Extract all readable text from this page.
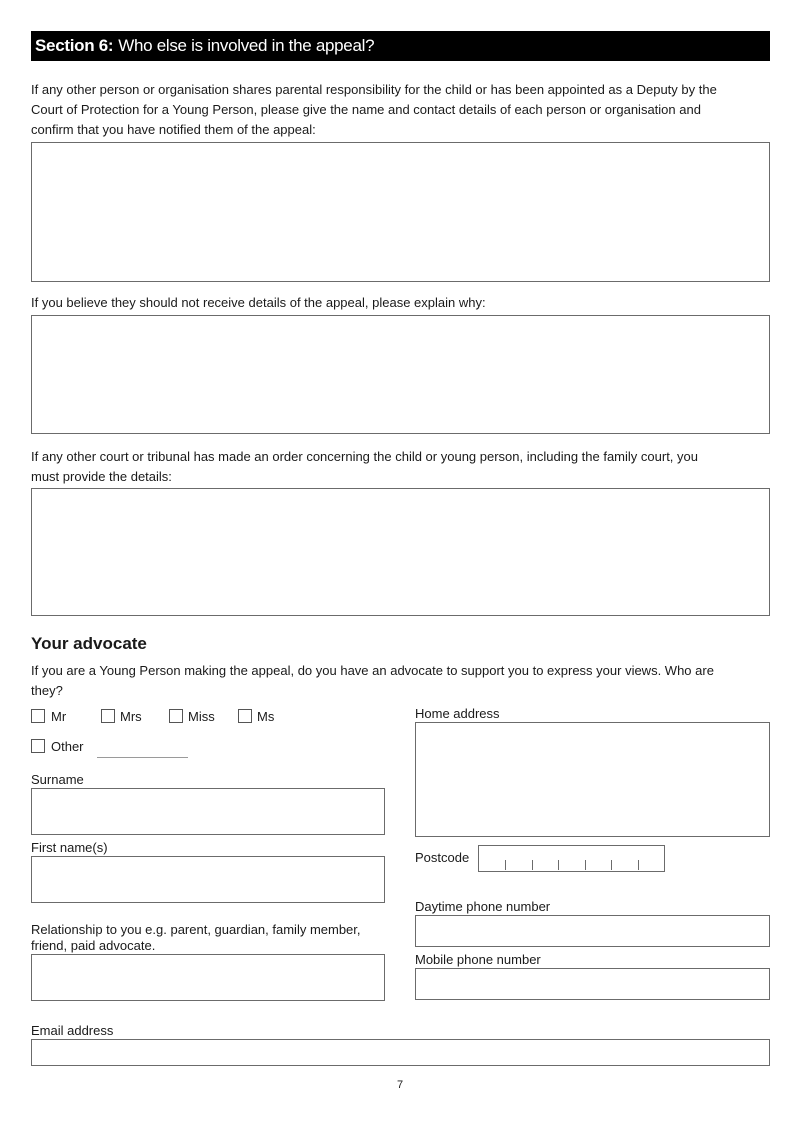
Section 6: Who else is involved in the appeal?
If any other person or organisation shares parental responsibility for the child or has been appointed as a Deputy by the
Court of Protection for a Young Person, please give the name and contact details of each person or organisation and
confirm that you have notified them of the appeal:
If you believe they should not receive details of the appeal, please explain why:
If any other court or tribunal has made an order concerning the child or young person, including the family court, you
must provide the details:
Your advocate
If you are a Young Person making the appeal, do you have an advocate to support you to express your views. Who are
they?
Mr	Mrs	Miss	Ms
Other
Surname
First name(s)
Relationship to you e.g. parent, guardian, family member,
friend, paid advocate.
Home address
Postcode
Daytime phone number
Mobile phone number
Email address
7
